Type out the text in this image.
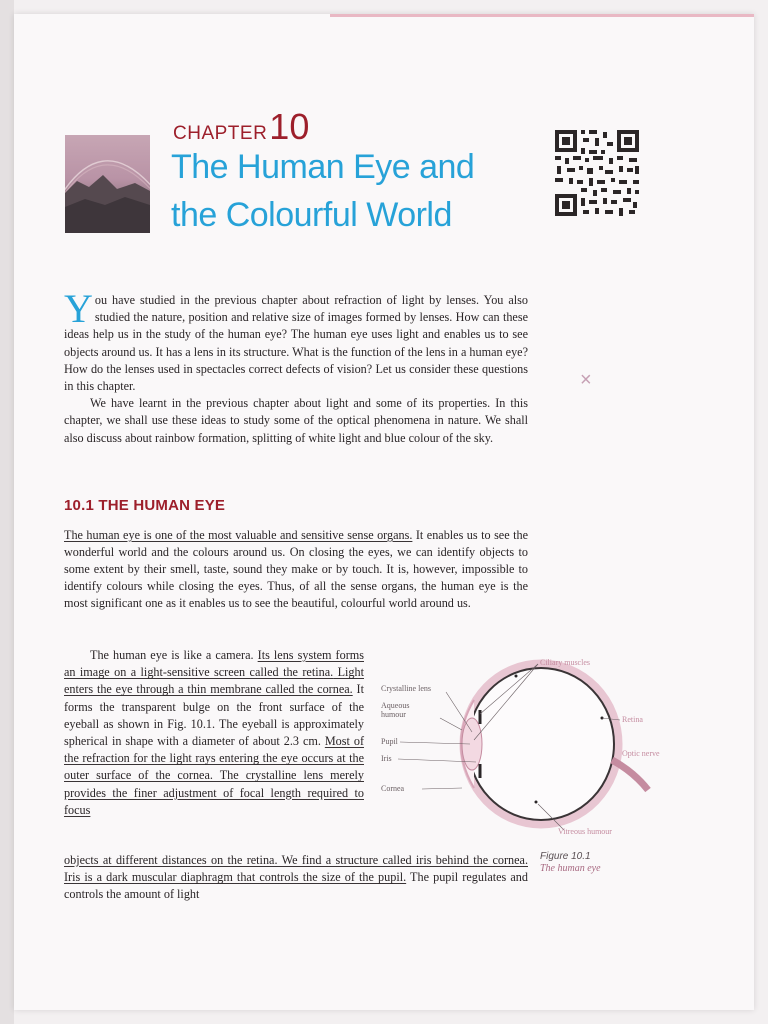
CHAPTER10
The Human Eye and
the Colourful World
×

You have studied in the previous chapter about refraction of light by lenses. You also studied the nature, position and relative size of images formed by lenses. How can these ideas help us in the study of the human eye? The human eye uses light and enables us to see objects around us. It has a lens in its structure. What is the function of the lens in a human eye? How do the lenses used in spectacles correct defects of vision? Let us consider these questions in this chapter.

We have learnt in the previous chapter about light and some of its properties. In this chapter, we shall use these ideas to study some of the optical phenomena in nature. We shall also discuss about rainbow formation, splitting of white light and blue colour of the sky.

10.1 THE HUMAN EYE

The human eye is one of the most valuable and sensitive sense organs. It enables us to see the wonderful world and the colours around us. On closing the eyes, we can identify objects to some extent by their smell, taste, sound they make or by touch. It is, however, impossible to identify colours while closing the eyes. Thus, of all the sense organs, the human eye is the most significant one as it enables us to see the beautiful, colourful world around us.

The human eye is like a camera. Its lens system forms an image on a light-sensitive screen called the retina. Light enters the eye through a thin membrane called the cornea. It forms the transparent bulge on the front surface of the eyeball as shown in Fig. 10.1. The eyeball is approximately spherical in shape with a diameter of about 2.3 cm. Most of the refraction for the light rays entering the eye occurs at the outer surface of the cornea. The crystalline lens merely provides the finer adjustment of focal length required to focus

objects at different distances on the retina. We find a structure called iris behind the cornea. Iris is a dark muscular diaphragm that controls the size of the pupil. The pupil regulates and controls the amount of light

Ciliary muscles
Crystalline lens
Aqueous
humour
Pupil
Iris
Cornea
Retina
Optic nerve
Vitreous humour
Figure 10.1
The human eye
